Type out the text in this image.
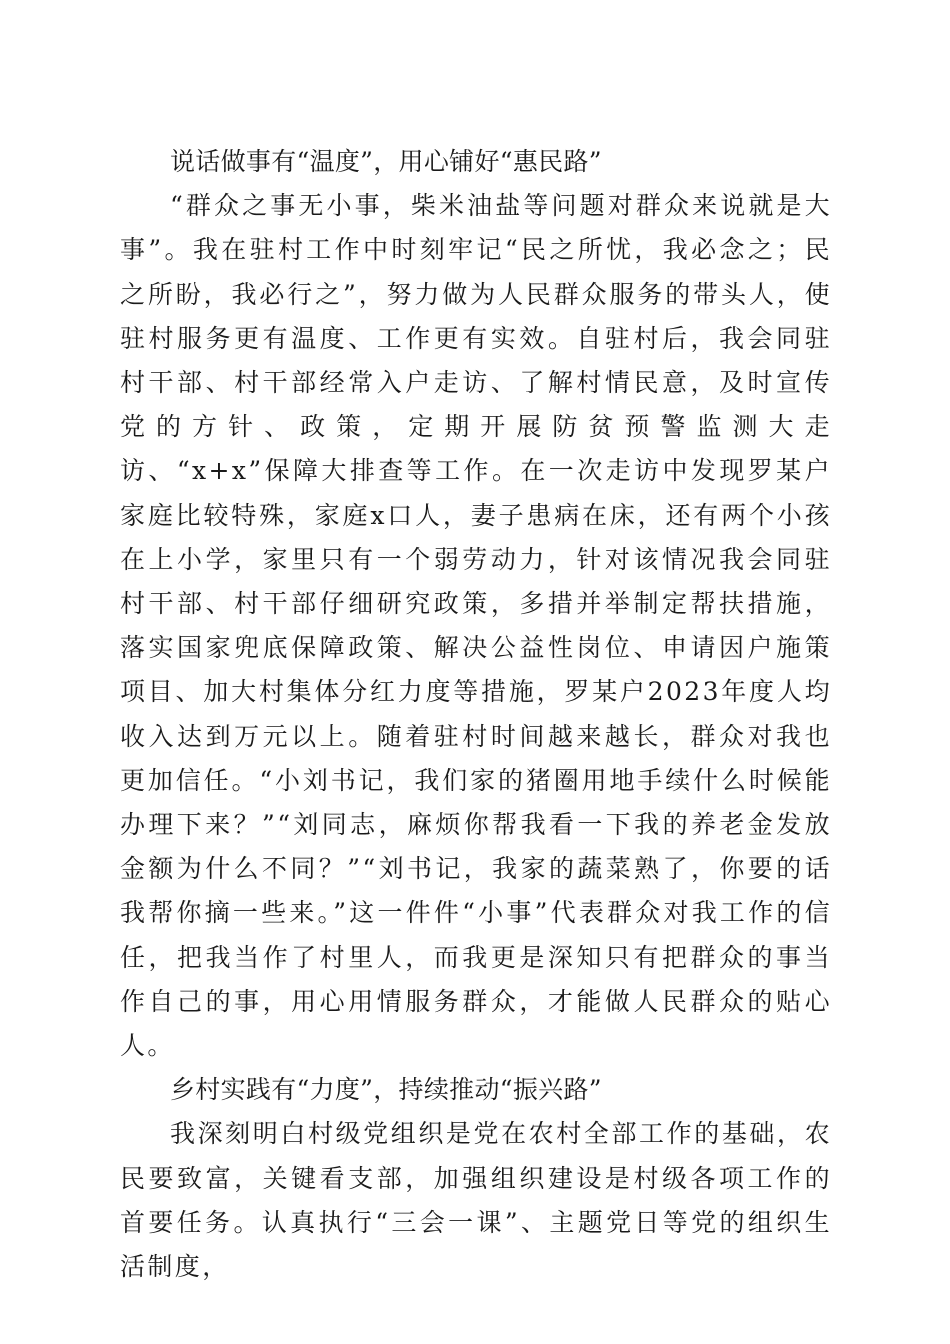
说话做事有“温度”，用心铺好“惠民路”

“群众之事无小事，柴米油盐等问题对群众来说就是大事”。我在驻村工作中时刻牢记“民之所忧，我必念之；民之所盼，我必行之”，努力做为人民群众服务的带头人，使驻村服务更有温度、工作更有实效。自驻村后，我会同驻村干部、村干部经常入户走访、了解村情民意，及时宣传党的方针、政策，定期开展防贫预警监测大走访、“x+x”保障大排查等工作。在一次走访中发现罗某户家庭比较特殊，家庭x口人，妻子患病在床，还有两个小孩在上小学，家里只有一个弱劳动力，针对该情况我会同驻村干部、村干部仔细研究政策，多措并举制定帮扶措施，落实国家兜底保障政策、解决公益性岗位、申请因户施策项目、加大村集体分红力度等措施，罗某户2023年度人均收入达到万元以上。随着驻村时间越来越长，群众对我也更加信任。“小刘书记，我们家的猪圈用地手续什么时候能办理下来？”“刘同志，麻烦你帮我看一下我的养老金发放金额为什么不同？”“刘书记，我家的蔬菜熟了，你要的话我帮你摘一些来。”这一件件“小事”代表群众对我工作的信任，把我当作了村里人，而我更是深知只有把群众的事当作自己的事，用心用情服务群众，才能做人民群众的贴心人。

乡村实践有“力度”，持续推动“振兴路”

我深刻明白村级党组织是党在农村全部工作的基础，农民要致富，关键看支部，加强组织建设是村级各项工作的首要任务。认真执行“三会一课”、主题党日等党的组织生活制度，
